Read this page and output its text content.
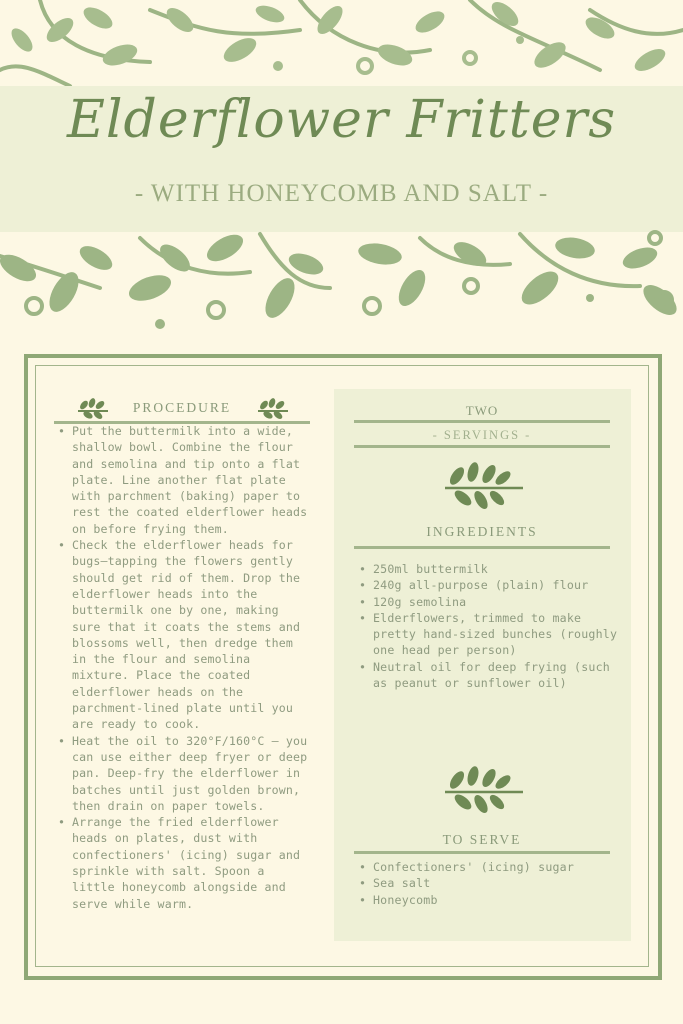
Elderflower Fritters
- WITH HONEYCOMB AND SALT -
PROCEDURE
• Put the buttermilk into a wide, shallow bowl. Combine the flour and semolina and tip onto a flat plate. Line another flat plate with parchment (baking) paper to rest the coated elderflower heads on before frying them.
• Check the elderflower heads for bugs—tapping the flowers gently should get rid of them. Drop the elderflower heads into the buttermilk one by one, making sure that it coats the stems and blossoms well, then dredge them in the flour and semolina mixture. Place the coated elderflower heads on the parchment-lined plate until you are ready to cook.
• Heat the oil to 320°F/160°C – you can use either deep fryer or deep pan. Deep-fry the elderflower in batches until just golden brown, then drain on paper towels.
• Arrange the fried elderflower heads on plates, dust with confectioners' (icing) sugar and sprinkle with salt. Spoon a little honeycomb alongside and serve while warm.
TWO
- SERVINGS -
INGREDIENTS
• 250ml buttermilk
• 240g all-purpose (plain) flour
• 120g semolina
• Elderflowers, trimmed to make pretty hand-sized bunches (roughly one head per person)
• Neutral oil for deep frying (such as peanut or sunflower oil)
TO SERVE
• Confectioners' (icing) sugar
• Sea salt
• Honeycomb
